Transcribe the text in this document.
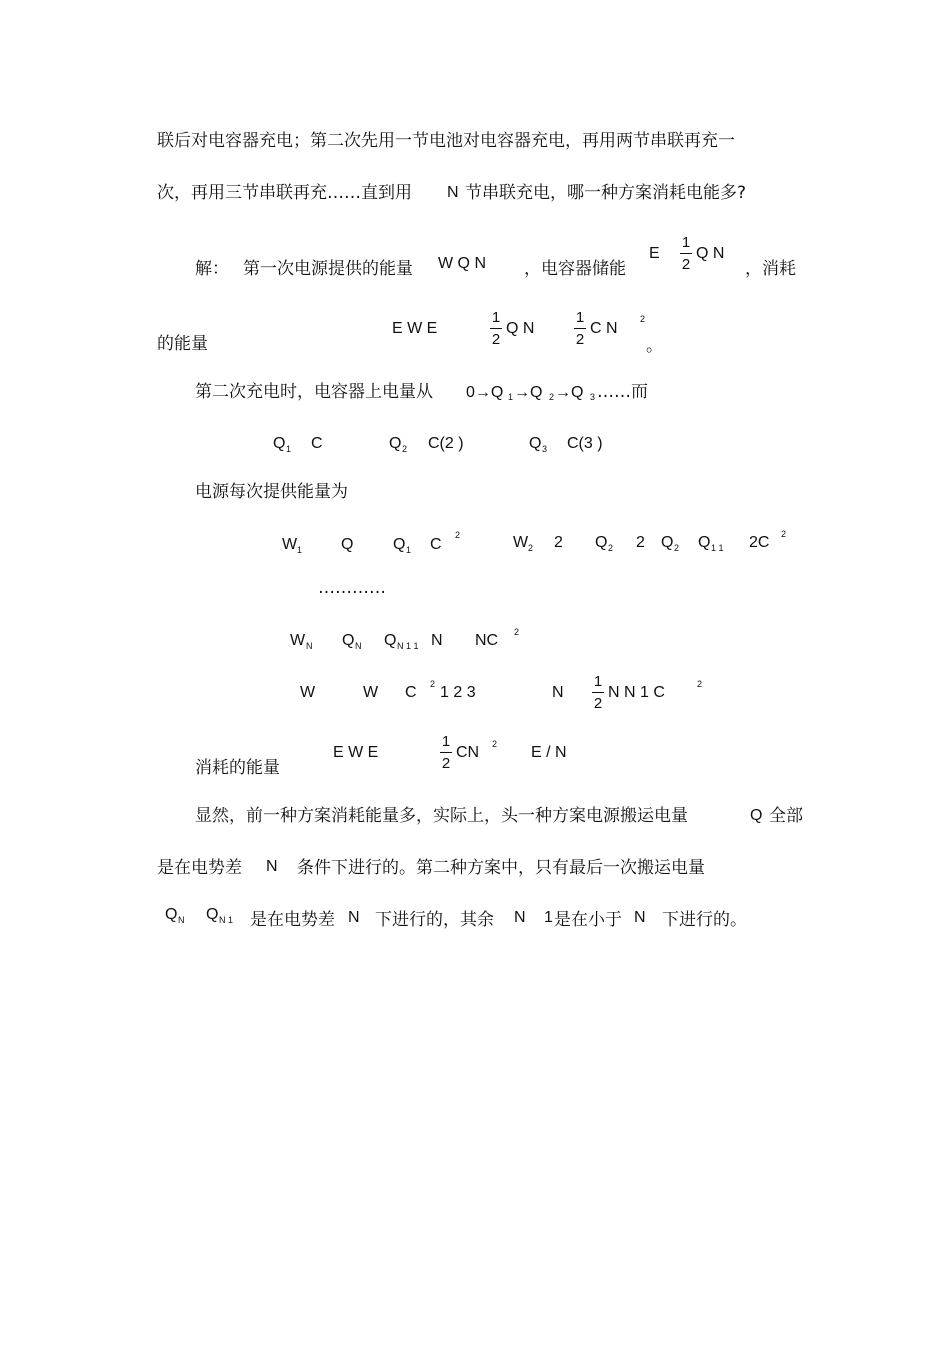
联后对电容器充电；第二次先用一节电池对电容器充电，再用两节串联再充一
次，再用三节串联再充……直到用 N 节串联充电，哪一种方案消耗电能多?
解： 第一次电源提供的能量 W Q N ，电容器储能
E
1
2
Q N
，消耗
E W E
1
2
Q N
1
2
C N
2
的能量	。
第二次充电时，电容器上电量从 0→Q 1 →Q 2 →Q 3 ……而
Q 1 C	Q 2 C(2 )	Q 3 C(3 )
电源每次提供能量为
W 1 Q Q 1 C
2	W 2 2 Q 2 2 Q 2 Q 1 1 2C 2
…………
W N Q N Q N 1 1 N NC 2
W	W C 2 1 2 3	N
1
2
N N 1 C	2
消耗的能量
E W E
1
2
CN 2 E / N
显然，前一种方案消耗能量多，实际上，头一种方案电源搬运电量	Q 全部
是在电势差 N 条件下进行的。第二种方案中，只有最后一次搬运电量
Q N Q N 1 是在电势差 N 下进行的，其余 N 1 是在小于 N 下进行的。
